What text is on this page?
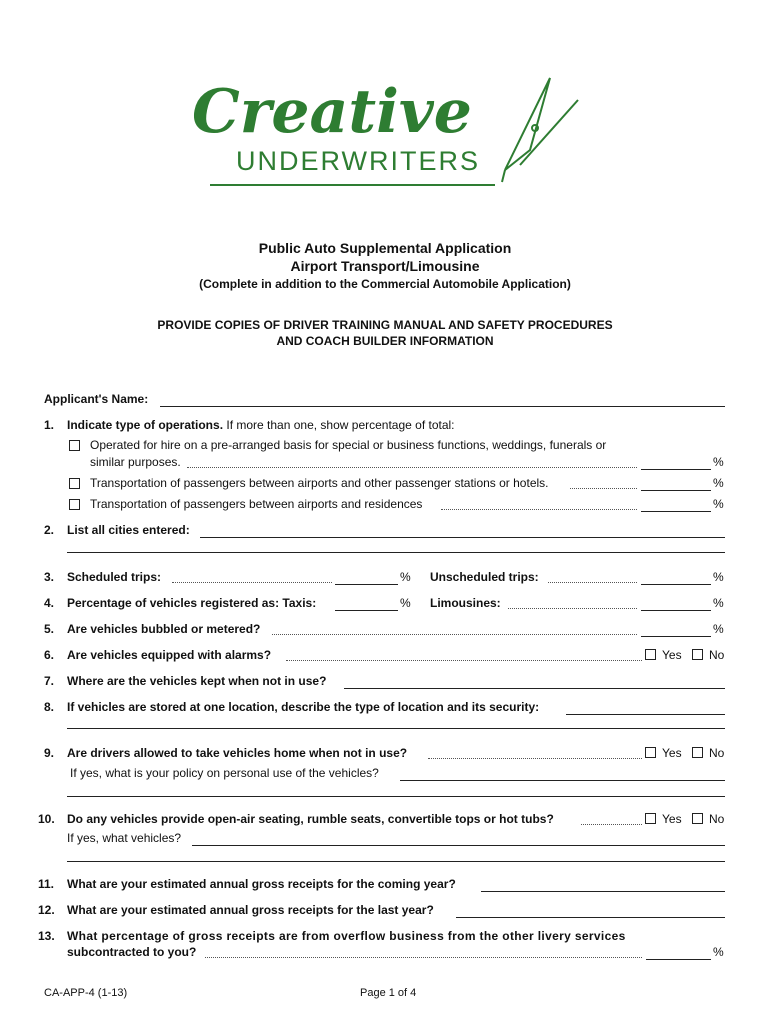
Creative
UNDERWRITERS
Public Auto Supplemental Application
Airport Transport/Limousine
(Complete in addition to the Commercial Automobile Application)
PROVIDE COPIES OF DRIVER TRAINING MANUAL AND SAFETY PROCEDURES
AND COACH BUILDER INFORMATION
Applicant's Name:
1. Indicate type of operations. If more than one, show percentage of total:
Operated for hire on a pre-arranged basis for special or business functions, weddings, funerals or
similar purposes.	%
Transportation of passengers between airports and other passenger stations or hotels.	%
Transportation of passengers between airports and residences	%
2. List all cities entered:
3. Scheduled trips:	% Unscheduled trips:	%
4. Percentage of vehicles registered as: Taxis:	% Limousines:	%
5. Are vehicles bubbled or metered?	%
6. Are vehicles equipped with alarms?	Yes No
7. Where are the vehicles kept when not in use?
8. If vehicles are stored at one location, describe the type of location and its security:
9. Are drivers allowed to take vehicles home when not in use?	Yes No
If yes, what is your policy on personal use of the vehicles?
10. Do any vehicles provide open-air seating, rumble seats, convertible tops or hot tubs?	Yes No
If yes, what vehicles?
11. What are your estimated annual gross receipts for the coming year?
12. What are your estimated annual gross receipts for the last year?
13. What percentage of gross receipts are from overflow business from the other livery services
subcontracted to you?	%
CA-APP-4 (1-13)	Page 1 of 4
